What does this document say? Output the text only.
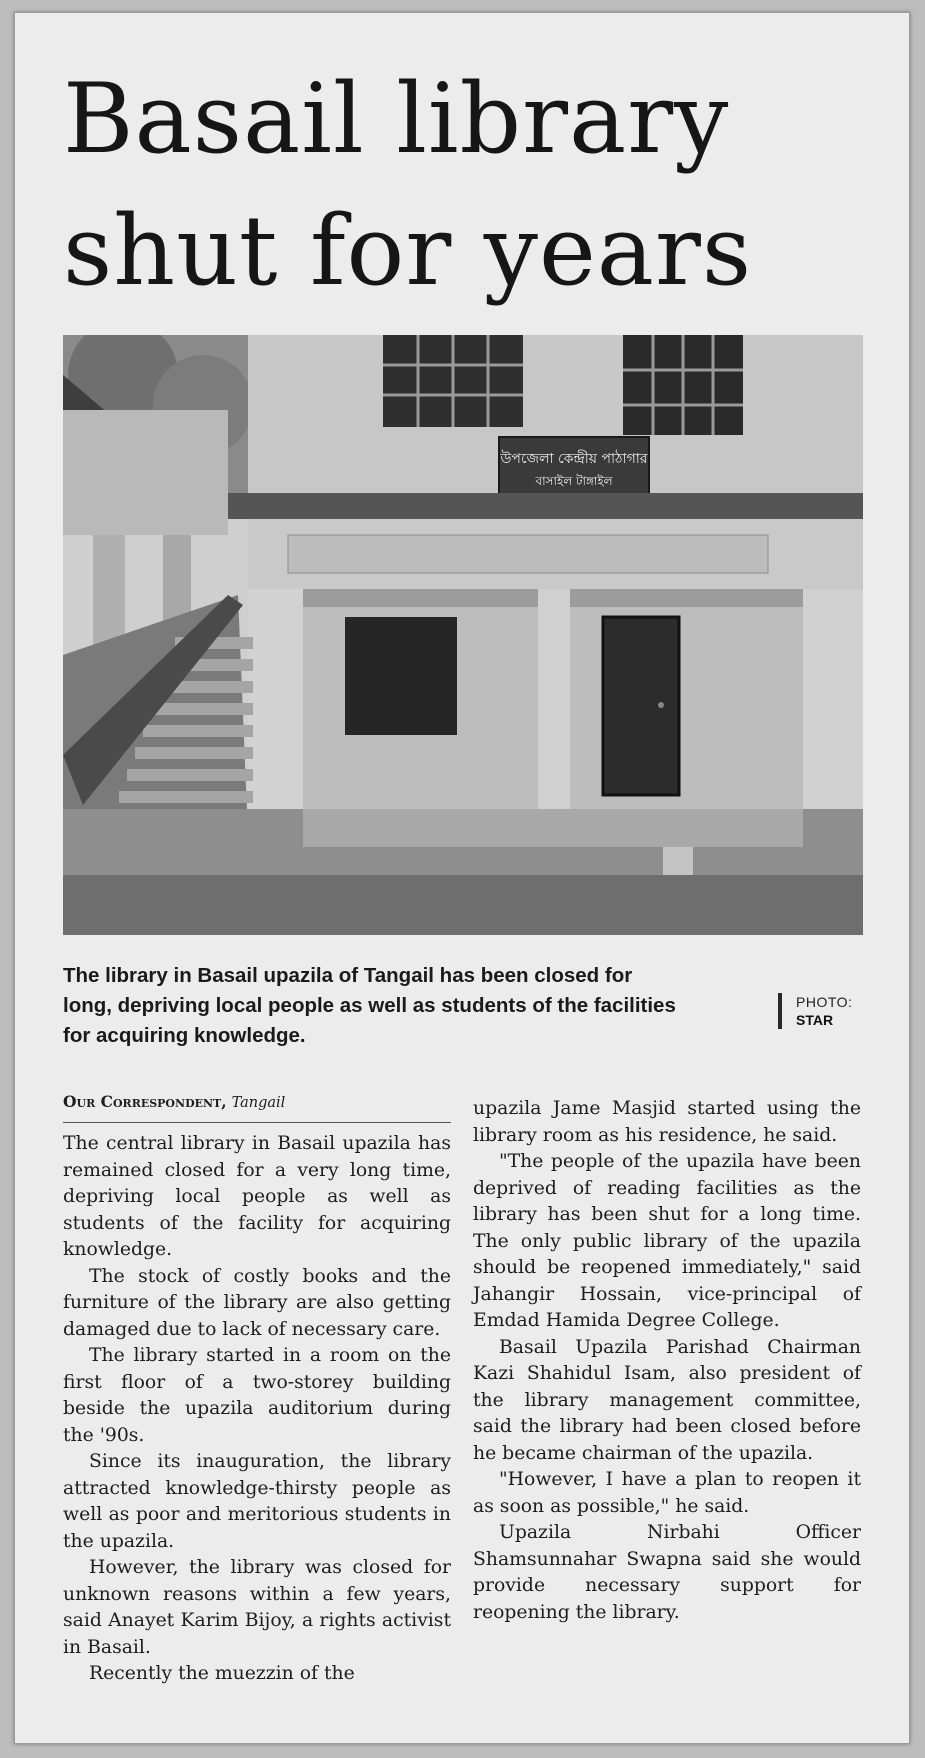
Basail library shut for years
উপজেলা কেন্দ্রীয় পাঠাগার
বাসাইল টাঙ্গাইল
The library in Basail upazila of Tangail has been closed for long, depriving local people as well as students of the facilities for acquiring knowledge.
PHOTO:
STAR
Our Correspondent, Tangail

The central library in Basail upazila has remained closed for a very long time, depriving local people as well as students of the facility for acquiring knowledge.

The stock of costly books and the furniture of the library are also getting damaged due to lack of necessary care.

The library started in a room on the first floor of a two-storey building beside the upazila auditorium during the '90s.

Since its inauguration, the library attracted knowledge-thirsty people as well as poor and meritorious students in the upazila.

However, the library was closed for unknown reasons within a few years, said Anayet Karim Bijoy, a rights activist in Basail.

Recently the muezzin of the

upazila Jame Masjid started using the library room as his residence, he said.

"The people of the upazila have been deprived of reading facilities as the library has been shut for a long time. The only public library of the upazila should be reopened immediately," said Jahangir Hossain, vice-principal of Emdad Hamida Degree College.

Basail Upazila Parishad Chairman Kazi Shahidul Isam, also president of the library management committee, said the library had been closed before he became chairman of the upazila.

"However, I have a plan to reopen it as soon as possible," he said.

Upazila Nirbahi Officer Shamsunnahar Swapna said she would provide necessary support for reopening the library.
